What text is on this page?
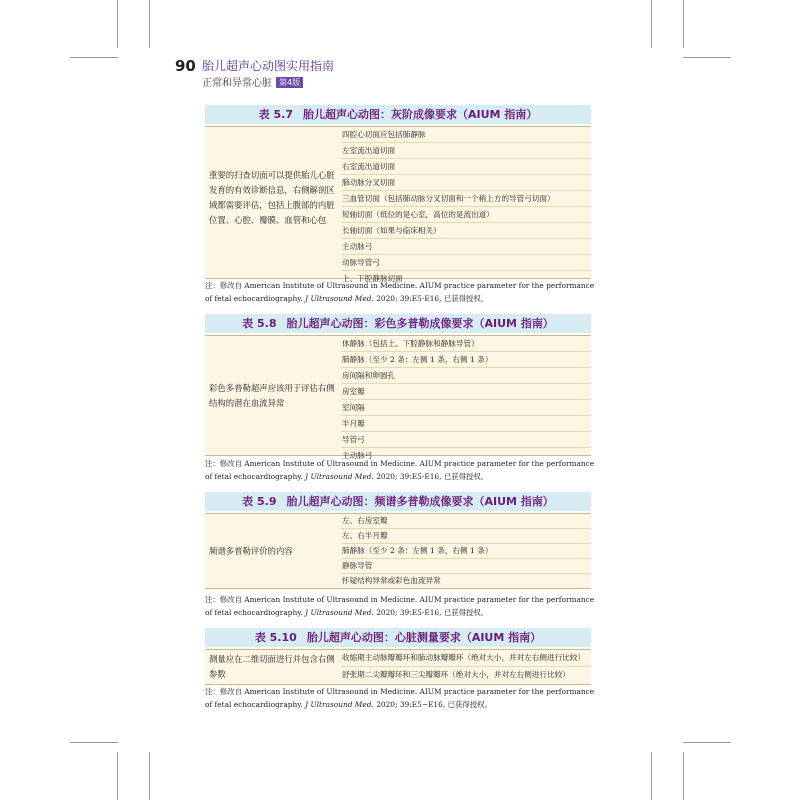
90 胎儿超声心动图实用指南
正常和异常心脏 第4版
表 5.7 胎儿超声心动图：灰阶成像要求（AIUM 指南）
重要的扫查切面可以提供胎儿心脏发育的有效诊断信息，右侧解剖区域都需要评估，包括上腹部的内脏位置、心腔、瓣膜、血管和心包
四腔心切面应包括肺静脉
左室流出道切面
右室流出道切面
肺动脉分叉切面
三血管切面（包括肺动脉分叉切面和一个稍上方的导管弓切面）
短轴切面（低位的是心室，高位的是流出道）
长轴切面（如果与临床相关）
主动脉弓
动脉导管弓
上、下腔静脉切面
注：修改自 American Institute of Ultrasound in Medicine. AIUM practice parameter for the performance of fetal echocardiography. J Ultrasound Med. 2020; 39:E5-E16, 已获得授权。
表 5.8 胎儿超声心动图：彩色多普勒成像要求（AIUM 指南）
彩色多普勒超声应该用于评估右侧结构的潜在血流异常
体静脉（包括上、下腔静脉和静脉导管）
肺静脉（至少 2 条：左侧 1 条，右侧 1 条）
房间隔和卵圆孔
房室瓣
室间隔
半月瓣
导管弓
主动脉弓
注：修改自 American Institute of Ultrasound in Medicine. AIUM practice parameter for the performance of fetal echocardiography. J Ultrasound Med. 2020; 39:E5-E16, 已获得授权。
表 5.9 胎儿超声心动图：频谱多普勒成像要求（AIUM 指南）
频谱多普勒评价的内容
左、右房室瓣
左、右半月瓣
肺静脉（至少 2 条：左侧 1 条，右侧 1 条）
静脉导管
怀疑结构异常或彩色血流异常
注：修改自 American Institute of Ultrasound in Medicine. AIUM practice parameter for the performance of fetal echocardiography. J Ultrasound Med. 2020; 39:E5-E16, 已获得授权。
表 5.10 胎儿超声心动图：心脏测量要求（AIUM 指南）
测量应在二维切面进行并包含右侧参数
收缩期主动脉瓣瓣环和肺动脉瓣瓣环（绝对大小，并对左右侧进行比较）
舒张期二尖瓣瓣环和三尖瓣瓣环（绝对大小，并对左右侧进行比较）
注：修改自 American Institute of Ultrasound in Medicine. AIUM practice parameter for the performance of fetal echocardiography. J Ultrasound Med. 2020; 39:E5−E16, 已获得授权。
